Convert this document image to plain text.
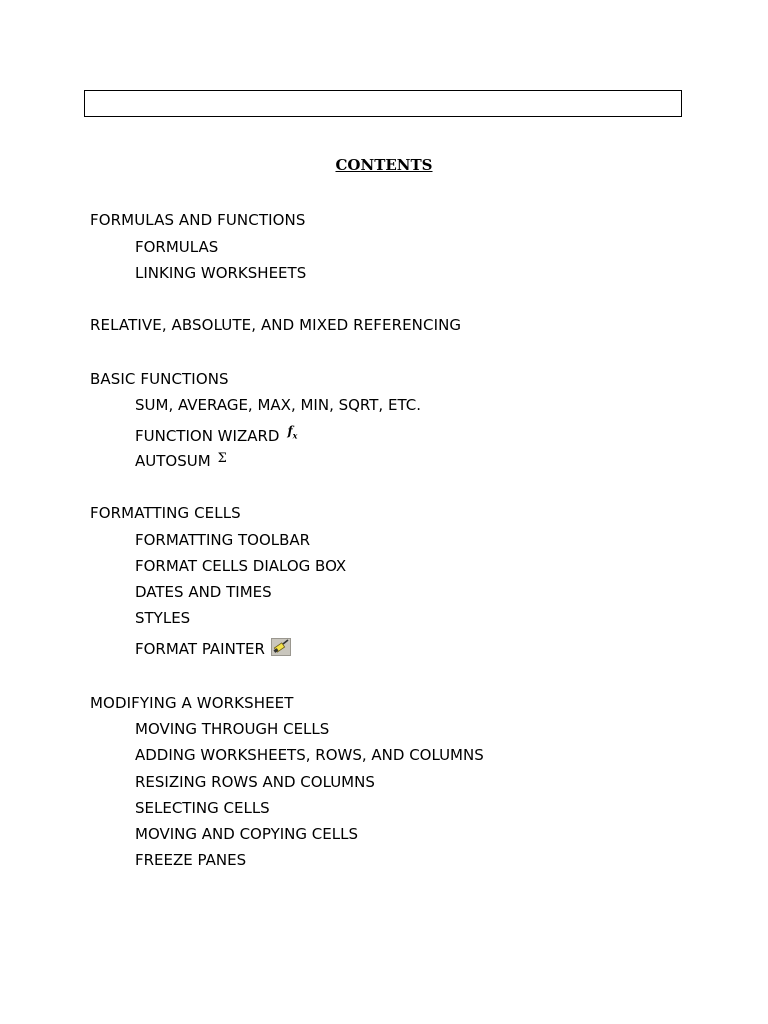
CONTENTS
FORMULAS AND FUNCTIONS
FORMULAS
LINKING WORKSHEETS
RELATIVE, ABSOLUTE, AND MIXED REFERENCING
BASIC FUNCTIONS
SUM, AVERAGE, MAX, MIN, SQRT, ETC.
FUNCTION WIZARD $f_x$
AUTOSUM Σ
FORMATTING CELLS
FORMATTING TOOLBAR
FORMAT CELLS DIALOG BOX
DATES AND TIMES
STYLES
FORMAT PAINTER
MODIFYING A WORKSHEET
MOVING THROUGH CELLS
ADDING WORKSHEETS, ROWS, AND COLUMNS
RESIZING ROWS AND COLUMNS
SELECTING CELLS
MOVING AND COPYING CELLS
FREEZE PANES
